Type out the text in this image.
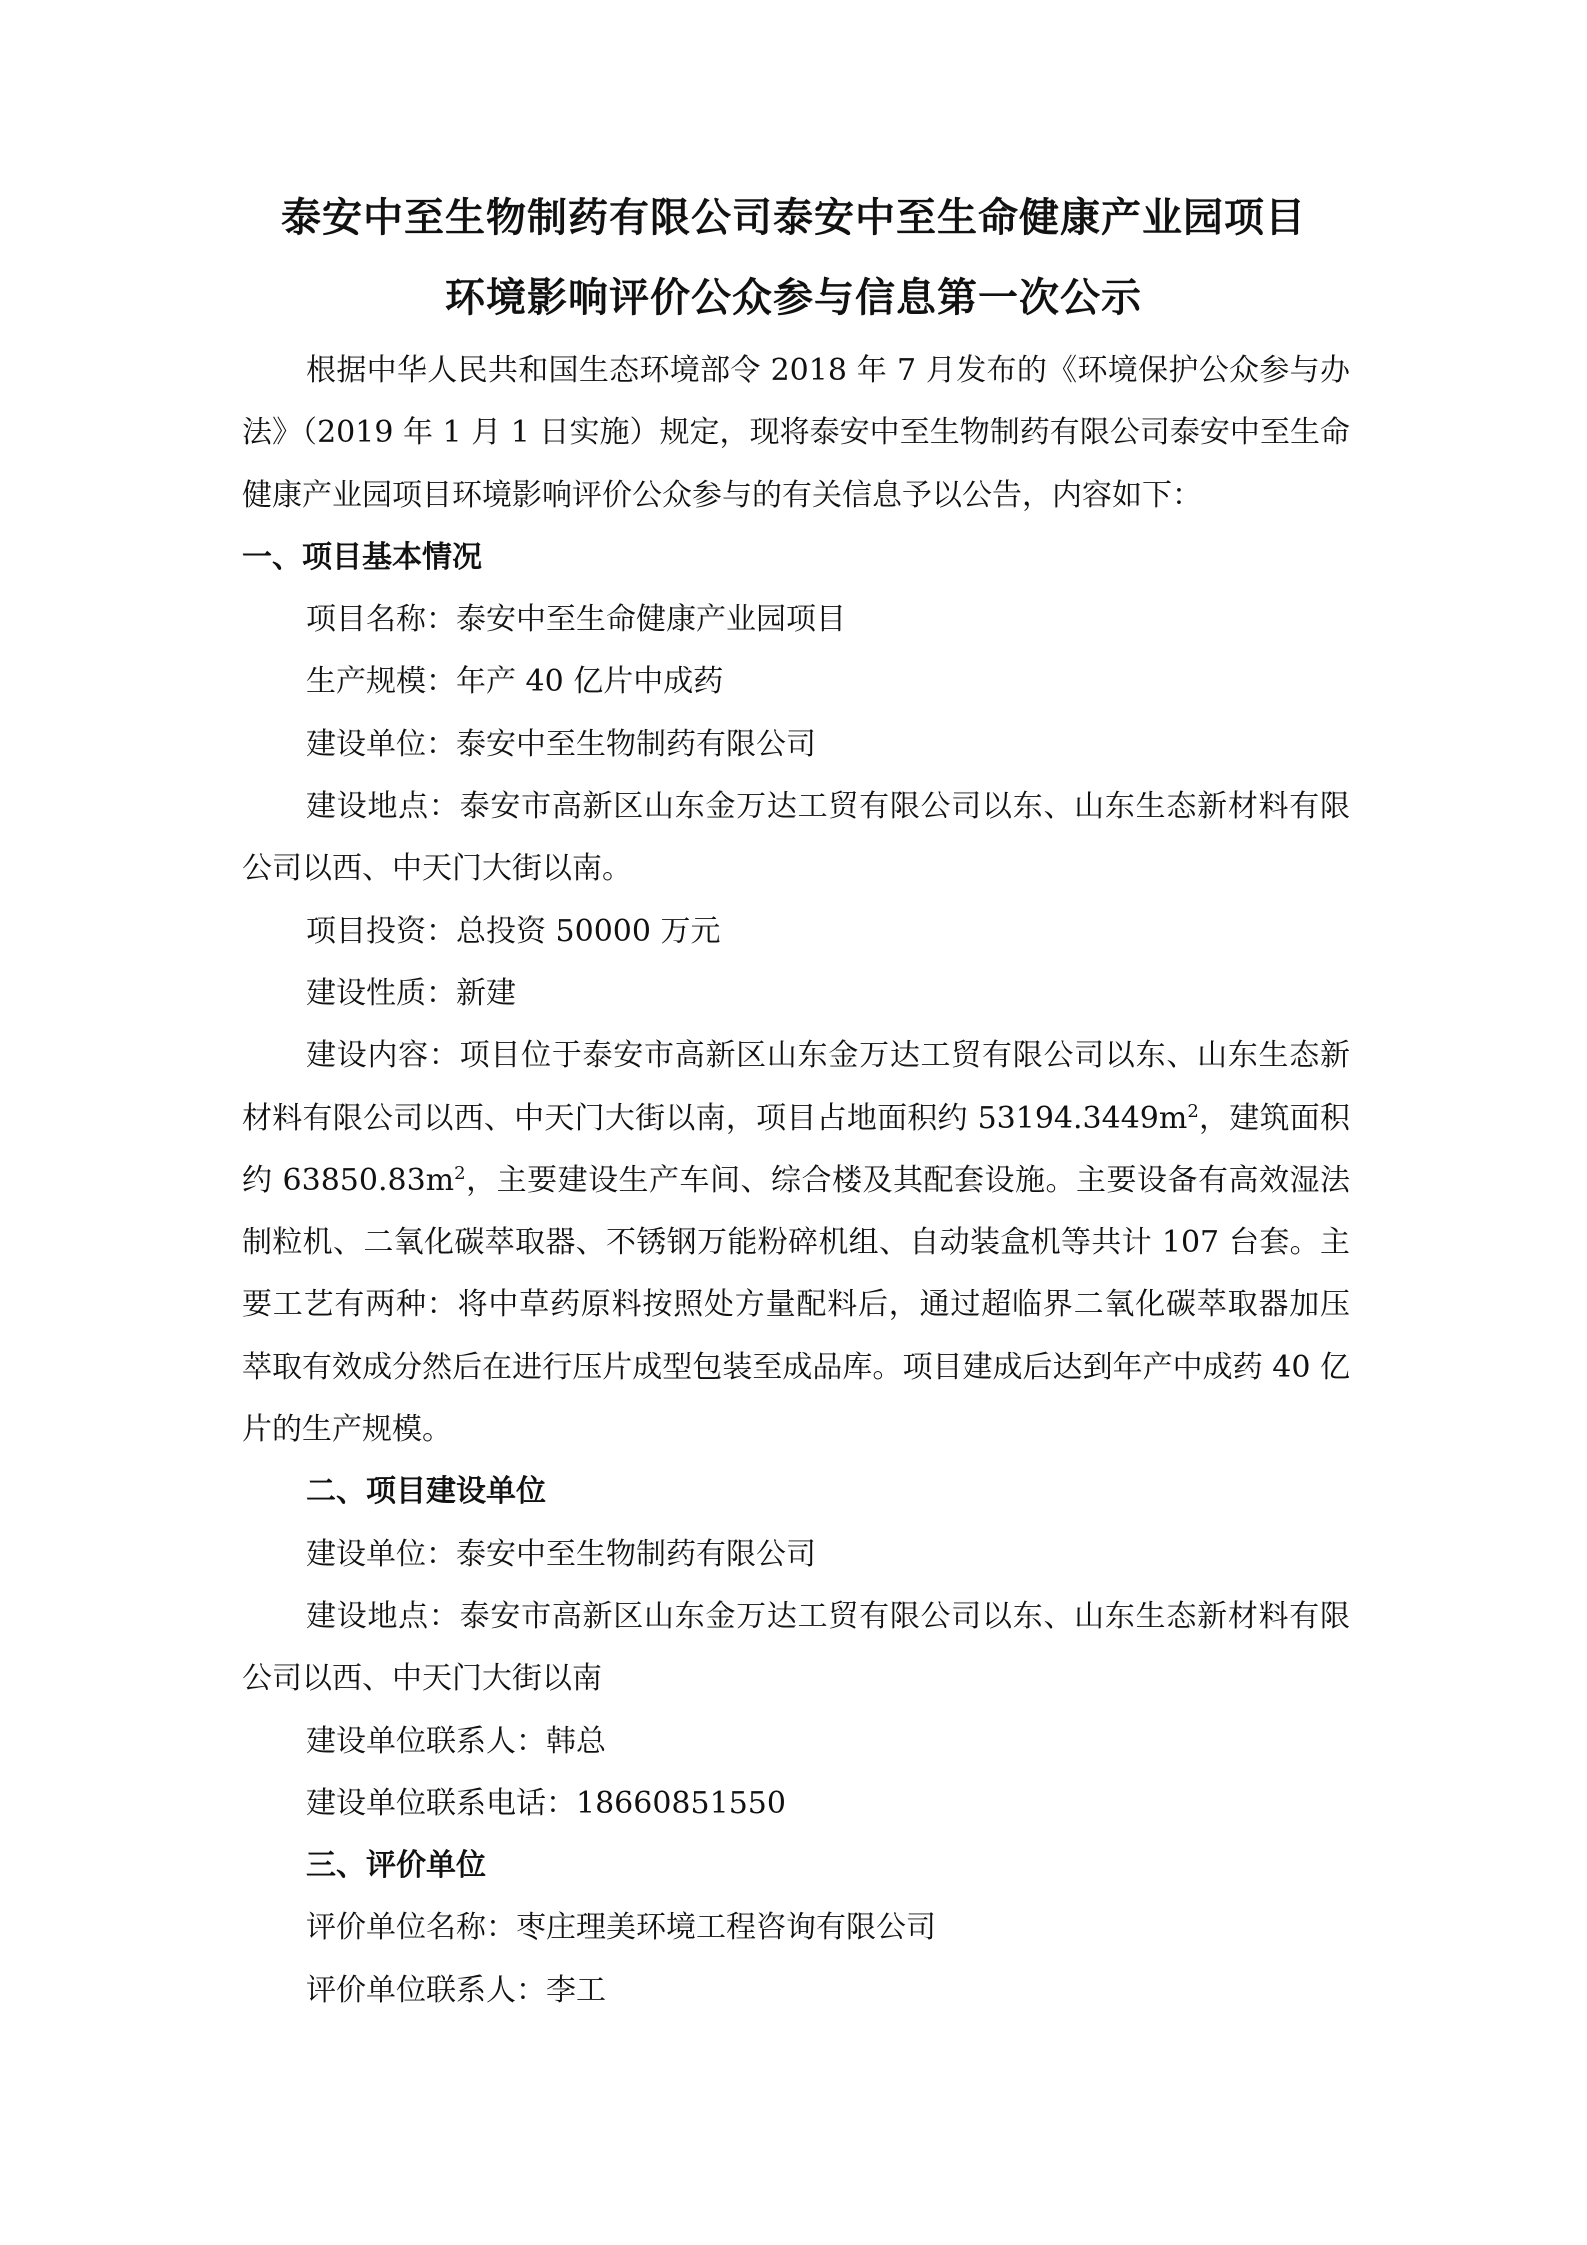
泰安中至生物制药有限公司泰安中至生命健康产业园项目
环境影响评价公众参与信息第一次公示

根据中华人民共和国生态环境部令 2018 年 7 月发布的《环境保护公众参与办法》（2019 年 1 月 1 日实施）规定，现将泰安中至生物制药有限公司泰安中至生命健康产业园项目环境影响评价公众参与的有关信息予以公告，内容如下：

一、项目基本情况

项目名称：泰安中至生命健康产业园项目

生产规模：年产 40 亿片中成药

建设单位：泰安中至生物制药有限公司

建设地点：泰安市高新区山东金万达工贸有限公司以东、山东生态新材料有限公司以西、中天门大街以南。

项目投资：总投资 50000 万元

建设性质：新建

建设内容：项目位于泰安市高新区山东金万达工贸有限公司以东、山东生态新材料有限公司以西、中天门大街以南，项目占地面积约 $53194.3449m^2$，建筑面积约 $63850.83m^2$，主要建设生产车间、综合楼及其配套设施。主要设备有高效湿法制粒机、二氧化碳萃取器、不锈钢万能粉碎机组、自动装盒机等共计 107 台套。主要工艺有两种：将中草药原料按照处方量配料后，通过超临界二氧化碳萃取器加压萃取有效成分然后在进行压片成型包装至成品库。项目建成后达到年产中成药 40 亿片的生产规模。

二、项目建设单位

建设单位：泰安中至生物制药有限公司

建设地点：泰安市高新区山东金万达工贸有限公司以东、山东生态新材料有限公司以西、中天门大街以南

建设单位联系人：韩总

建设单位联系电话：18660851550

三、评价单位

评价单位名称：枣庄理美环境工程咨询有限公司

评价单位联系人：李工
